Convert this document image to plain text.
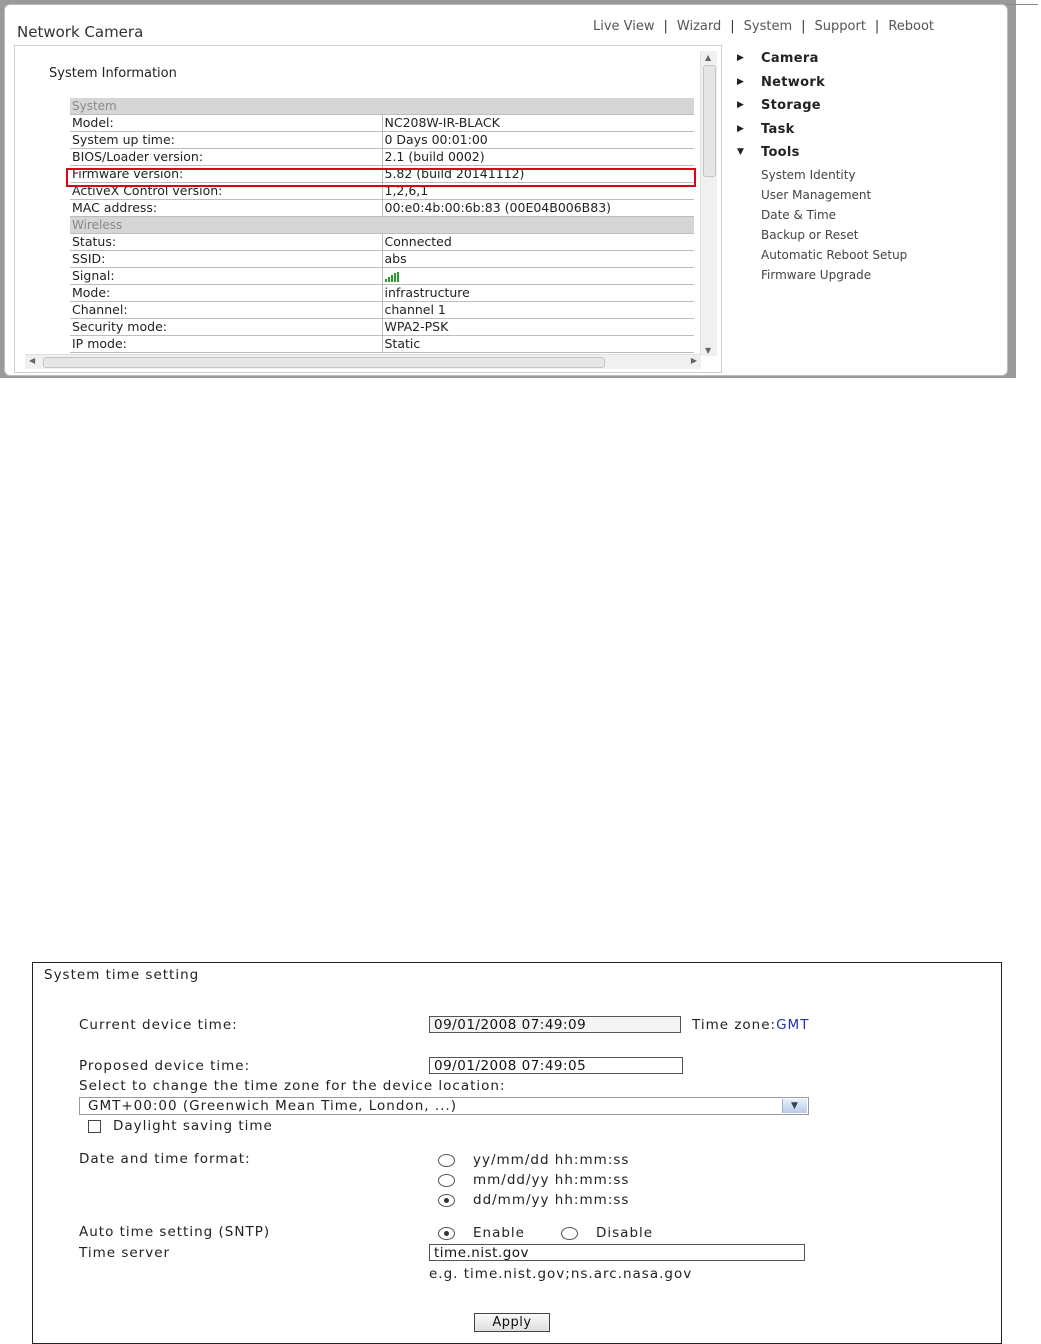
Network Camera	Live View | Wizard | System | Support | Reboot
System Information
System	
Model:	NC208W-IR-BLACK
System up time:	0 Days 00:01:00
BIOS/Loader version:	2.1 (build 0002)
Firmware version:	5.82 (build 20141112)
ActiveX Control version:	1,2,6,1
MAC address:	00:e0:4b:00:6b:83 (00E04B006B83)
Wireless	
Status:	Connected
SSID:	abs
Signal:	

Mode:	infrastructure
Channel:	channel 1
Security mode:	WPA2-PSK
IP mode:	Static
▲
▼
◀	▶
▶ Camera
▶ Network
▶ Storage
▶ Task
▼ Tools
System Identity
User Management
Date & Time
Backup or Reset
Automatic Reboot Setup
Firmware Upgrade
System time setting
Current device time:	09/01/2008 07:49:09	Time zone:GMT
Proposed device time:	09/01/2008 07:49:05
Select to change the time zone for the device location:
GMT+00:00 (Greenwich Mean Time, London, ...)	▼
Daylight saving time
Date and time format:	yy/mm/dd hh:mm:ss
mm/dd/yy hh:mm:ss
dd/mm/yy hh:mm:ss
Auto time setting (SNTP)	Enable	Disable
Time server	time.nist.gov
e.g. time.nist.gov;ns.arc.nasa.gov
Apply
